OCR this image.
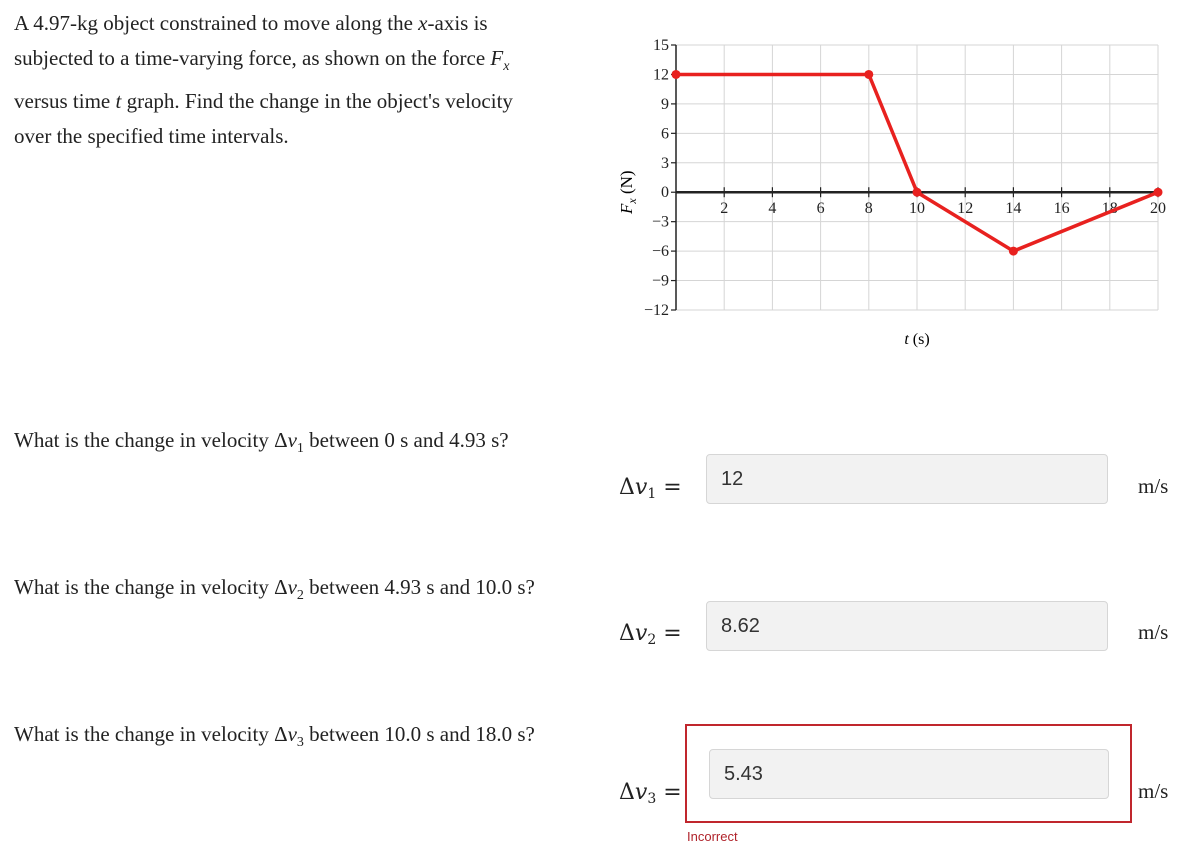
A 4.97-kg object constrained to move along the x-axis is
subjected to a time-varying force, as shown on the force $F_x$
versus time t graph. Find the change in the object's velocity
over the specified time intervals.
15
12
9
6
3
0
−3
−6
−9
−12
2	4	6	8 10 12 14 16 18 20
t (s)
$F_x$ (N)
What is the change in velocity $\Delta v_1$ between 0 s and 4.93 s?
$\Delta v_1$ =
12	m/s
What is the change in velocity $\Delta v_2$ between 4.93 s and 10.0 s?
$\Delta v_2$ =
8.62	m/s
What is the change in velocity $\Delta v_3$ between 10.0 s and 18.0 s?
$\Delta v_3$ =
5.43	m/s
Incorrect
